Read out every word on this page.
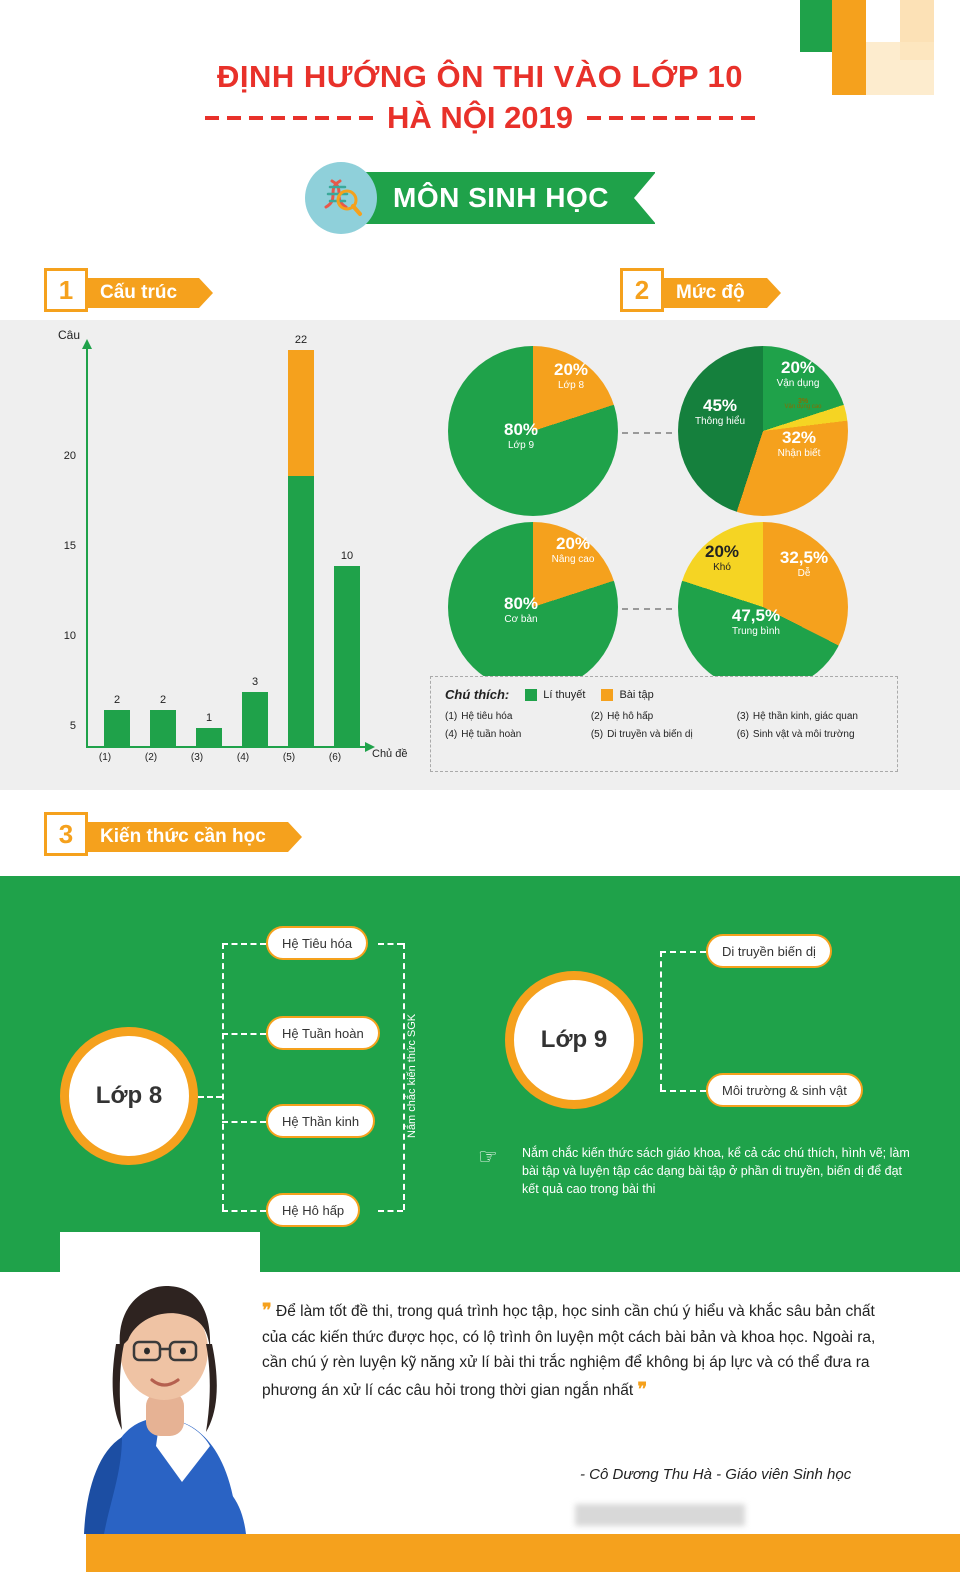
ĐỊNH HƯỚNG ÔN THI VÀO LỚP 10
HÀ NỘI 2019
MÔN SINH HỌC
1	Cấu trúc	2	Mức độ
Câu
Chủ đề
5
10
15
20
2	2
1
3
22
10
(1)	(2)	(3)	(4)	(5)	(6)
80%
Lớp 9
20%
Lớp 8
45%
Thông hiểu
32%
Nhận biết
20%
Vận dụng
3%
Vận dụng cao
80%
Cơ bản
20%
Nâng cao	20%
Khó
32,5%
Dễ
47,5%
Trung bình
Chú thích:	Lí thuyết	Bài tập
(1) Hệ tiêu hóa	(2) Hệ hô hấp	(3) Hệ thần kinh, giác quan
(4) Hệ tuần hoàn	(5) Di truyền và biến dị	(6) Sinh vật và môi trường
3	Kiến thức cần học
Lớp 8
Hệ Tiêu hóa
Hệ Tuần hoàn
Hệ Thần kinh
Hệ Hô hấp
Nắm chắc kiến thức SGK	Lớp 9
Di truyền biến dị
Môi trường & sinh vật
☞ Nắm chắc kiến thức sách giáo khoa, kể cả các chú thích, hình vẽ; làm bài tập và luyện tập các dạng bài tập ở phần di truyền, biến dị để đạt kết quả cao trong bài thi
❞ Để làm tốt đề thi, trong quá trình học tập, học sinh cần chú ý hiểu và khắc sâu bản chất của các kiến thức được học, có lộ trình ôn luyện một cách bài bản và khoa học. Ngoài ra, cần chú ý rèn luyện kỹ năng xử lí bài thi trắc nghiệm để không bị áp lực và có thể đưa ra phương án xử lí các câu hỏi trong thời gian ngắn nhất ❞
- Cô Dương Thu Hà - Giáo viên Sinh học
